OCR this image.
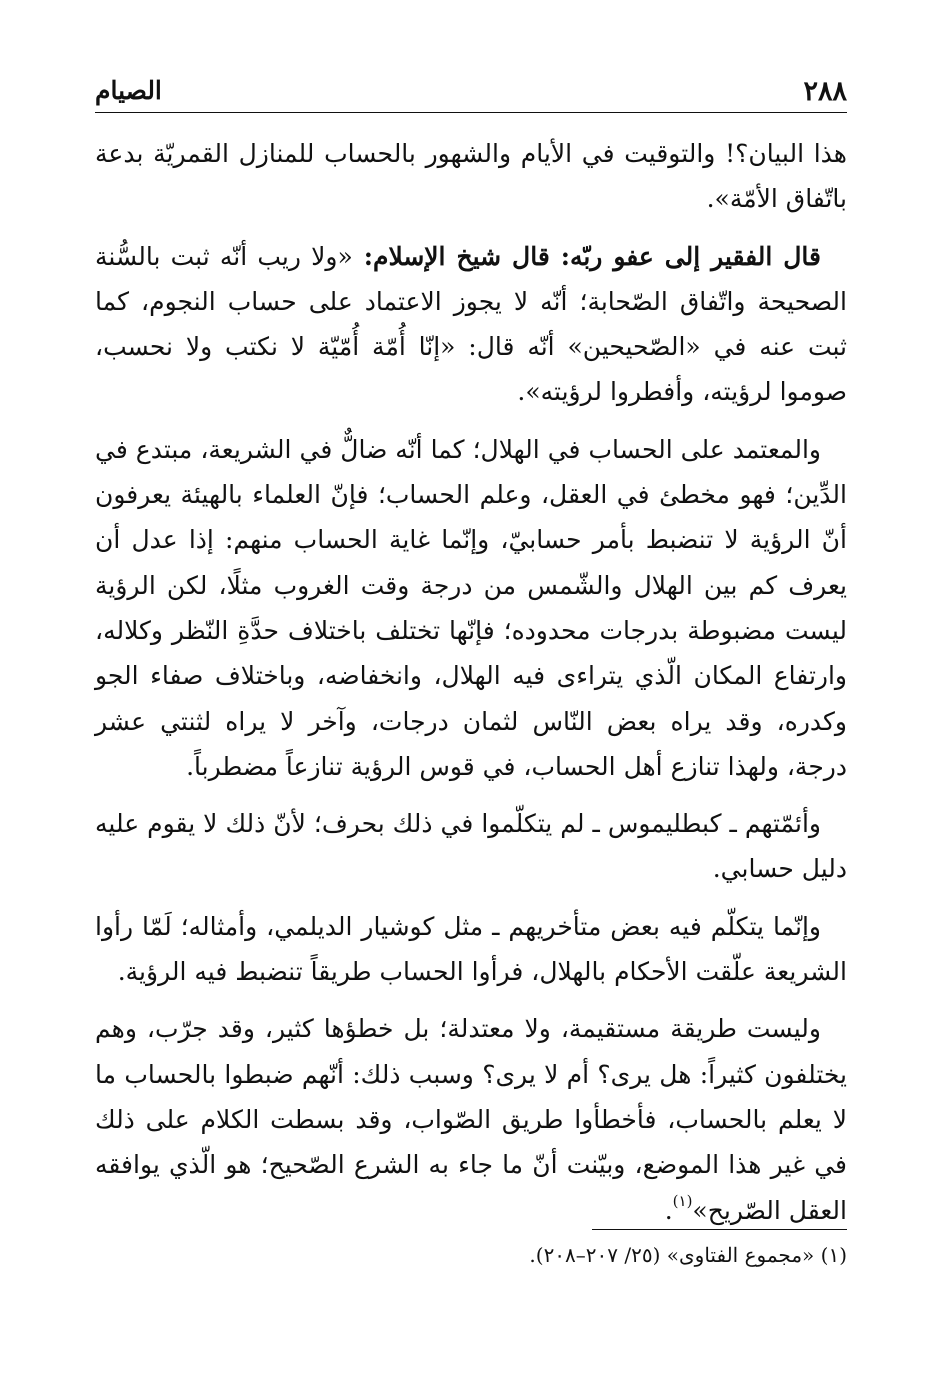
٢٨٨
الصيام

هذا البيان؟! والتوقيت في الأيام والشهور بالحساب للمنازل القمريّة بدعة باتّفاق الأمّة».

قال الفقير إلى عفو ربّه: قال شيخ الإسلام: «ولا ريب أنّه ثبت بالسُّنة الصحيحة واتّفاق الصّحابة؛ أنّه لا يجوز الاعتماد على حساب النجوم، كما ثبت عنه في «الصّحيحين» أنّه قال: «إنّا أُمّة أُمّيّة لا نكتب ولا نحسب، صوموا لرؤيته، وأفطروا لرؤيته».

والمعتمد على الحساب في الهلال؛ كما أنّه ضالٌّ في الشريعة، مبتدع في الدِّين؛ فهو مخطئ في العقل، وعلم الحساب؛ فإنّ العلماء بالهيئة يعرفون أنّ الرؤية لا تنضبط بأمر حسابيّ، وإنّما غاية الحساب منهم: إذا عدل أن يعرف كم بين الهلال والشّمس من درجة وقت الغروب مثلًا، لكن الرؤية ليست مضبوطة بدرجات محدوده؛ فإنّها تختلف باختلاف حدَّةِ النّظر وكلاله، وارتفاع المكان الّذي يتراءى فيه الهلال، وانخفاضه، وباختلاف صفاء الجو وكدره، وقد يراه بعض النّاس لثمان درجات، وآخر لا يراه لثنتي عشر درجة، ولهذا تنازع أهل الحساب، في قوس الرؤية تنازعاً مضطرباً.

وأئمّتهم ـ كبطليموس ـ لم يتكلّموا في ذلك بحرف؛ لأنّ ذلك لا يقوم عليه دليل حسابي.

وإنّما يتكلّم فيه بعض متأخريهم ـ مثل كوشيار الديلمي، وأمثاله؛ لَمّا رأوا الشريعة علّقت الأحكام بالهلال، فرأوا الحساب طريقاً تنضبط فيه الرؤية.

وليست طريقة مستقيمة، ولا معتدلة؛ بل خطؤها كثير، وقد جرّب، وهم يختلفون كثيراً: هل يرى؟ أم لا يرى؟ وسبب ذلك: أنّهم ضبطوا بالحساب ما لا يعلم بالحساب، فأخطأوا طريق الصّواب، وقد بسطت الكلام على ذلك في غير هذا الموضع، وبيّنت أنّ ما جاء به الشرع الصّحيح؛ هو الّذي يوافقه العقل الصّريح»$^{(١)}$.

(١) «مجموع الفتاوى» (٢٥/ ٢٠٧–٢٠٨).
